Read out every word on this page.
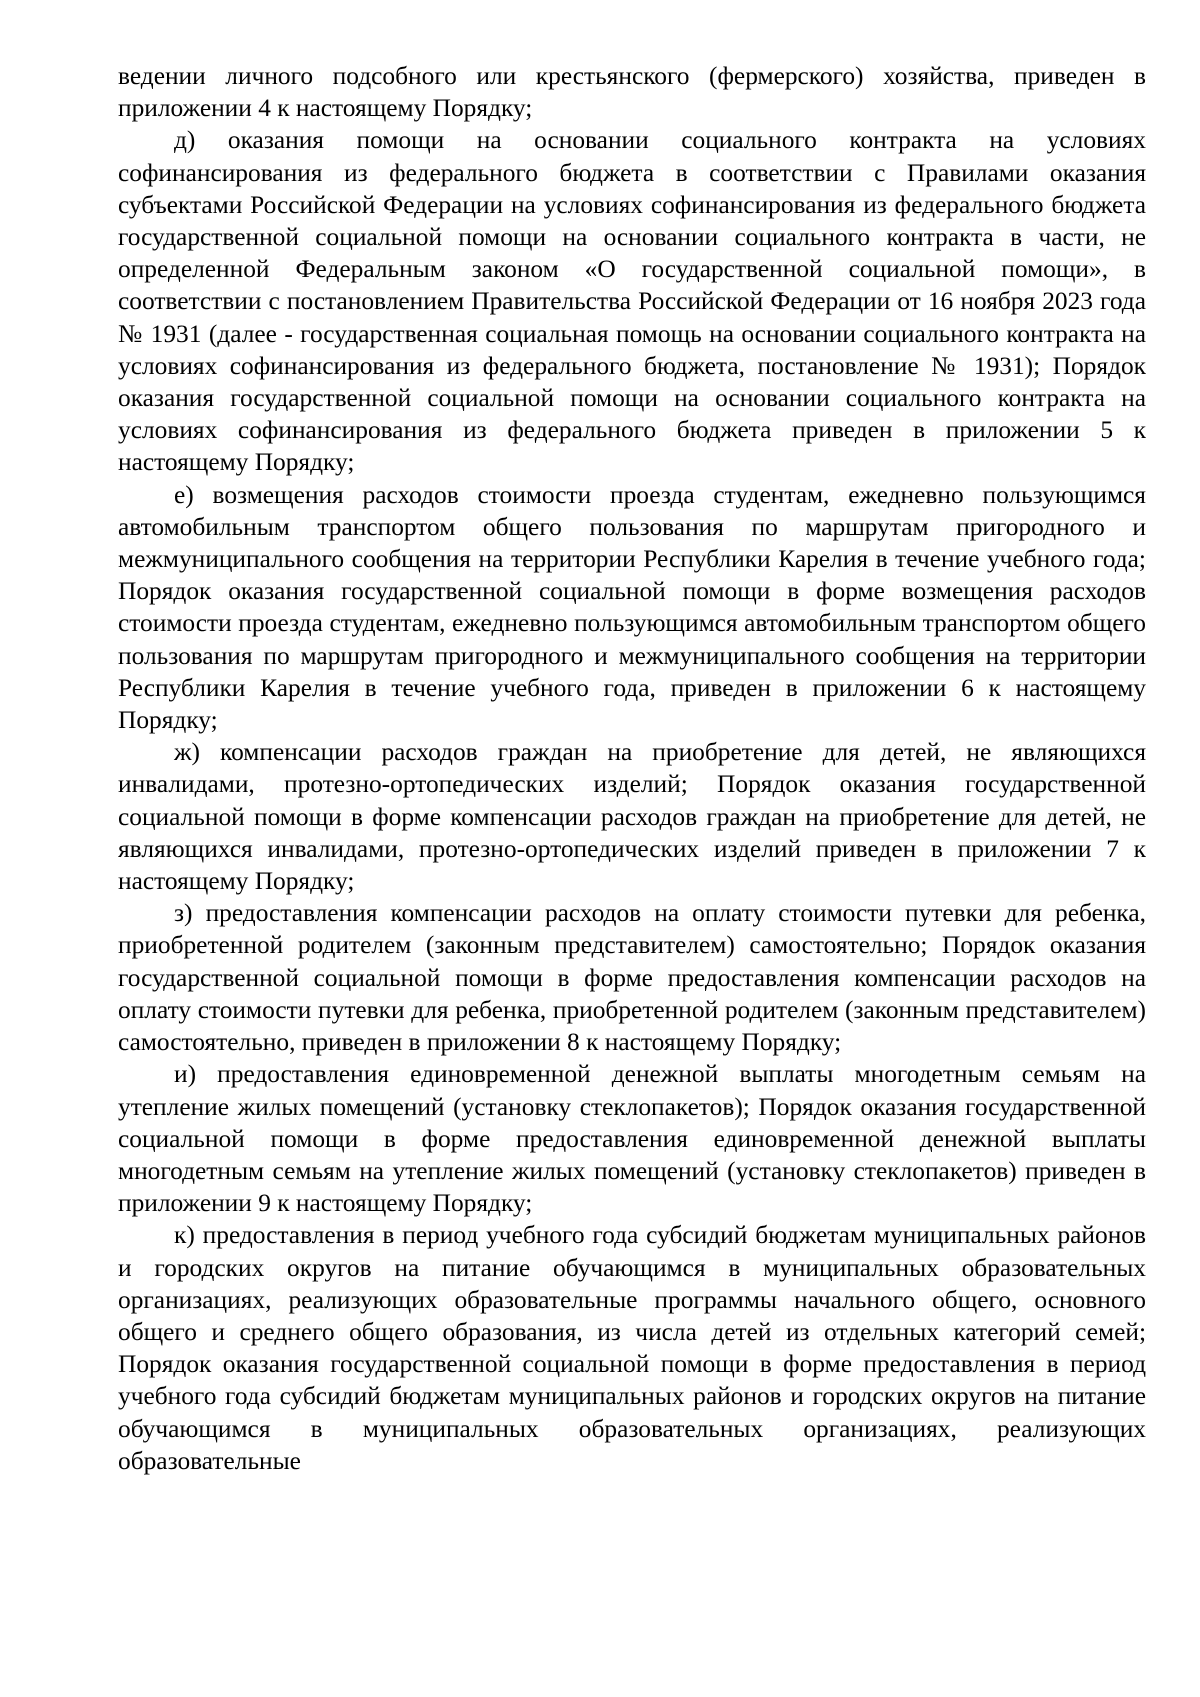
ведении личного подсобного или крестьянского (фермерского) хозяйства, приведен в приложении 4 к настоящему Порядку;

д) оказания помощи на основании социального контракта на условиях софинансирования из федерального бюджета в соответствии с Правилами оказания субъектами Российской Федерации на условиях софинансирования из федерального бюджета государственной социальной помощи на основании социального контракта в части, не определенной Федеральным законом «О государственной социальной помощи», в соответствии с постановлением Правительства Российской Федерации от 16 ноября 2023 года № 1931 (далее - государственная социальная помощь на основании социального контракта на условиях софинансирования из федерального бюджета, постановление № 1931); Порядок оказания государственной социальной помощи на основании социального контракта на условиях софинансирования из федерального бюджета приведен в приложении 5 к настоящему Порядку;

е) возмещения расходов стоимости проезда студентам, ежедневно пользующимся автомобильным транспортом общего пользования по маршрутам пригородного и межмуниципального сообщения на территории Республики Карелия в течение учебного года; Порядок оказания государственной социальной помощи в форме возмещения расходов стоимости проезда студентам, ежедневно пользующимся автомобильным транспортом общего пользования по маршрутам пригородного и межмуниципального сообщения на территории Республики Карелия в течение учебного года, приведен в приложении 6 к настоящему Порядку;

ж) компенсации расходов граждан на приобретение для детей, не являющихся инвалидами, протезно-ортопедических изделий; Порядок оказания государственной социальной помощи в форме компенсации расходов граждан на приобретение для детей, не являющихся инвалидами, протезно-ортопедических изделий приведен в приложении 7 к настоящему Порядку;

з) предоставления компенсации расходов на оплату стоимости путевки для ребенка, приобретенной родителем (законным представителем) самостоятельно; Порядок оказания государственной социальной помощи в форме предоставления компенсации расходов на оплату стоимости путевки для ребенка, приобретенной родителем (законным представителем) самостоятельно, приведен в приложении 8 к настоящему Порядку;

и) предоставления единовременной денежной выплаты многодетным семьям на утепление жилых помещений (установку стеклопакетов); Порядок оказания государственной социальной помощи в форме предоставления единовременной денежной выплаты многодетным семьям на утепление жилых помещений (установку стеклопакетов) приведен в приложении 9 к настоящему Порядку;

к) предоставления в период учебного года субсидий бюджетам муниципальных районов и городских округов на питание обучающимся в муниципальных образовательных организациях, реализующих образовательные программы начального общего, основного общего и среднего общего образования, из числа детей из отдельных категорий семей; Порядок оказания государственной социальной помощи в форме предоставления в период учебного года субсидий бюджетам муниципальных районов и городских округов на питание обучающимся в муниципальных образовательных организациях, реализующих образовательные
